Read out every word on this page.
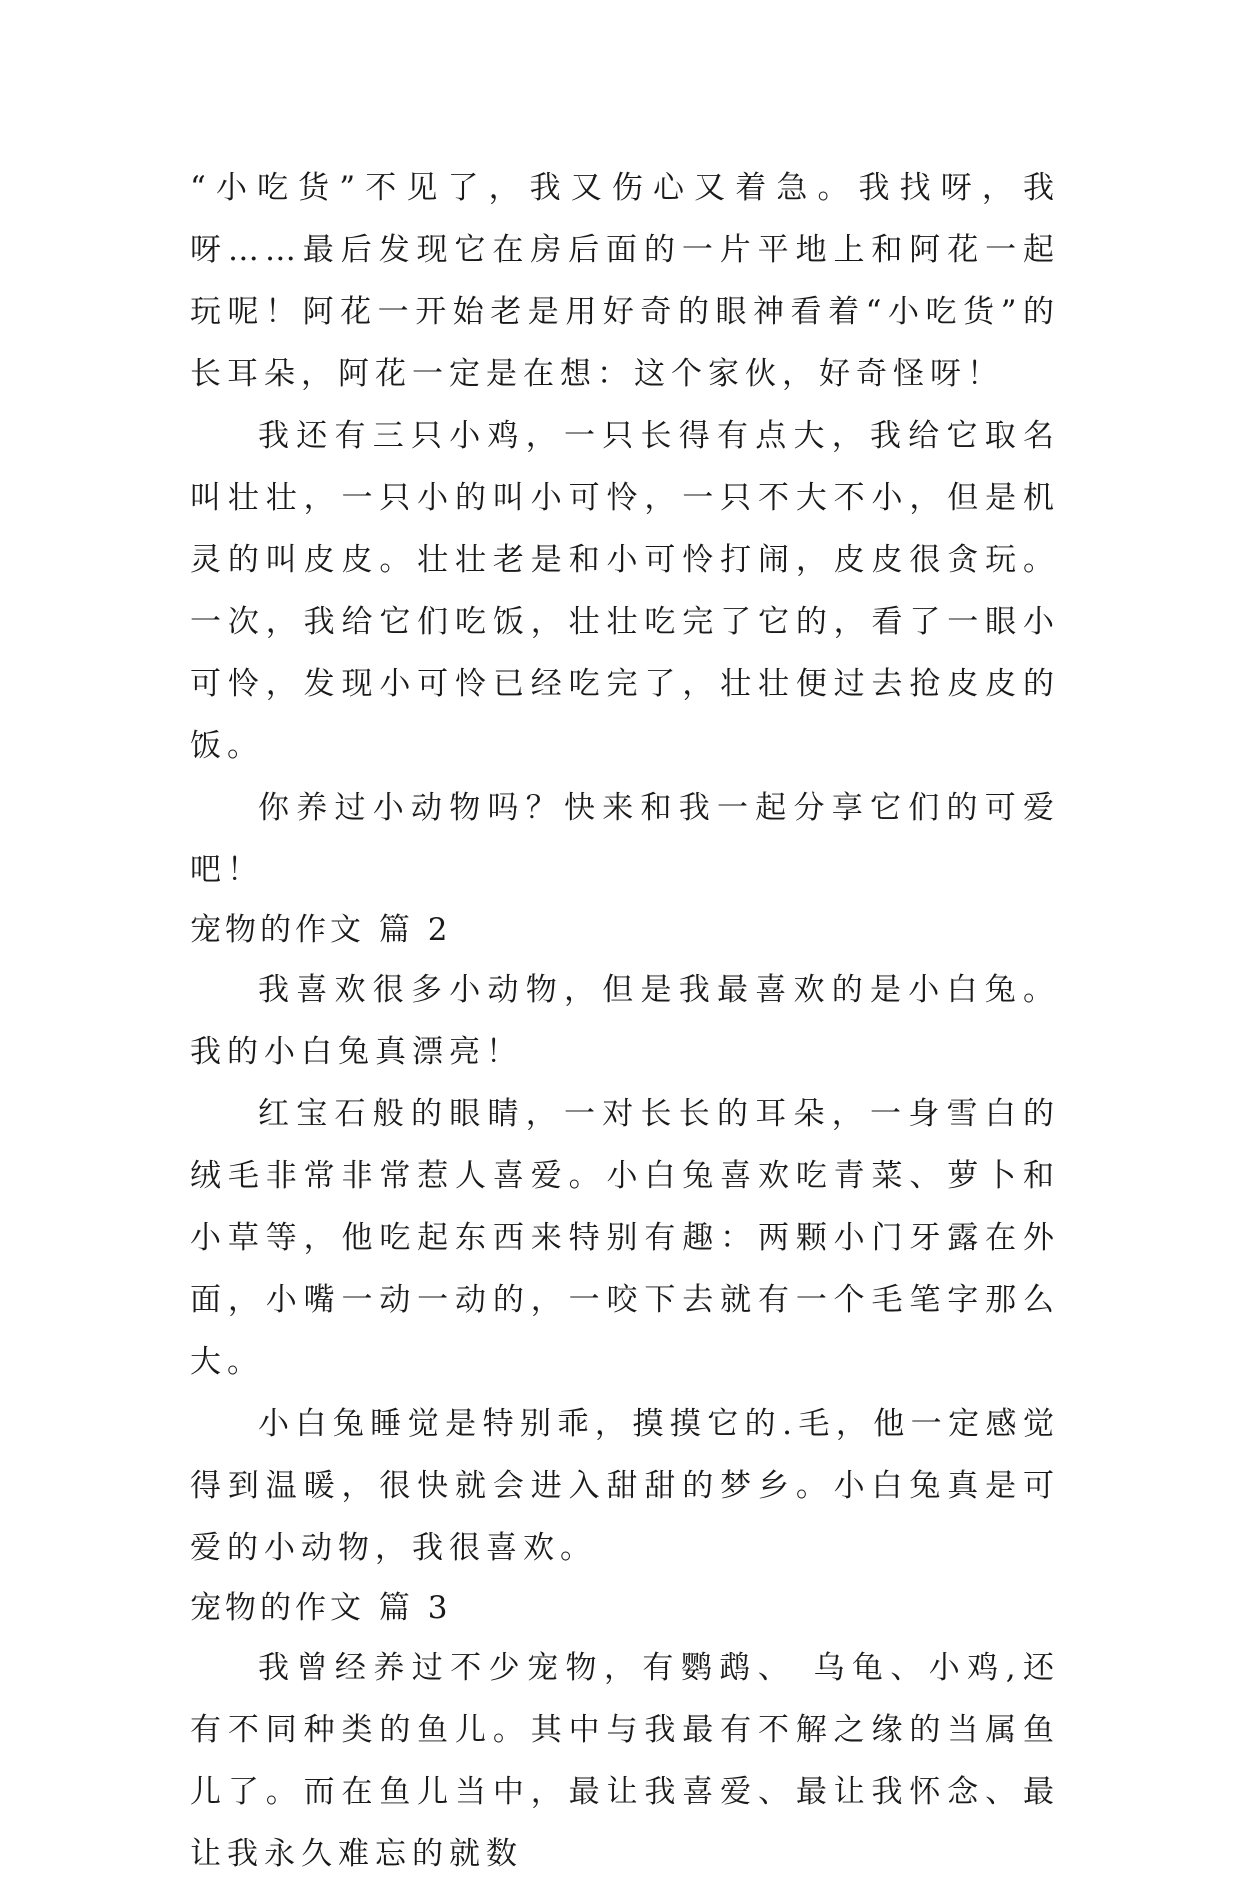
“小吃货”不见了，我又伤心又着急。我找呀，我呀……最后发现它在房后面的一片平地上和阿花一起玩呢！阿花一开始老是用好奇的眼神看着“小吃货”的长耳朵，阿花一定是在想：这个家伙，好奇怪呀！

我还有三只小鸡，一只长得有点大，我给它取名叫壮壮，一只小的叫小可怜，一只不大不小，但是机灵的叫皮皮。壮壮老是和小可怜打闹，皮皮很贪玩。一次，我给它们吃饭，壮壮吃完了它的，看了一眼小可怜，发现小可怜已经吃完了，壮壮便过去抢皮皮的饭。

你养过小动物吗？快来和我一起分享它们的可爱吧！

宠物的作文 篇 2

我喜欢很多小动物，但是我最喜欢的是小白兔。我的小白兔真漂亮！

红宝石般的眼睛，一对长长的耳朵，一身雪白的绒毛非常非常惹人喜爱。小白兔喜欢吃青菜、萝卜和小草等，他吃起东西来特别有趣：两颗小门牙露在外面，小嘴一动一动的，一咬下去就有一个毛笔字那么大。

小白兔睡觉是特别乖，摸摸它的.毛，他一定感觉得到温暖，很快就会进入甜甜的梦乡。小白兔真是可爱的小动物，我很喜欢。

宠物的作文 篇 3

我曾经养过不少宠物，有鹦鹉、 乌龟、小鸡,还有不同种类的鱼儿。其中与我最有不解之缘的当属鱼儿了。而在鱼儿当中，最让我喜爱、最让我怀念、最让我永久难忘的就数
